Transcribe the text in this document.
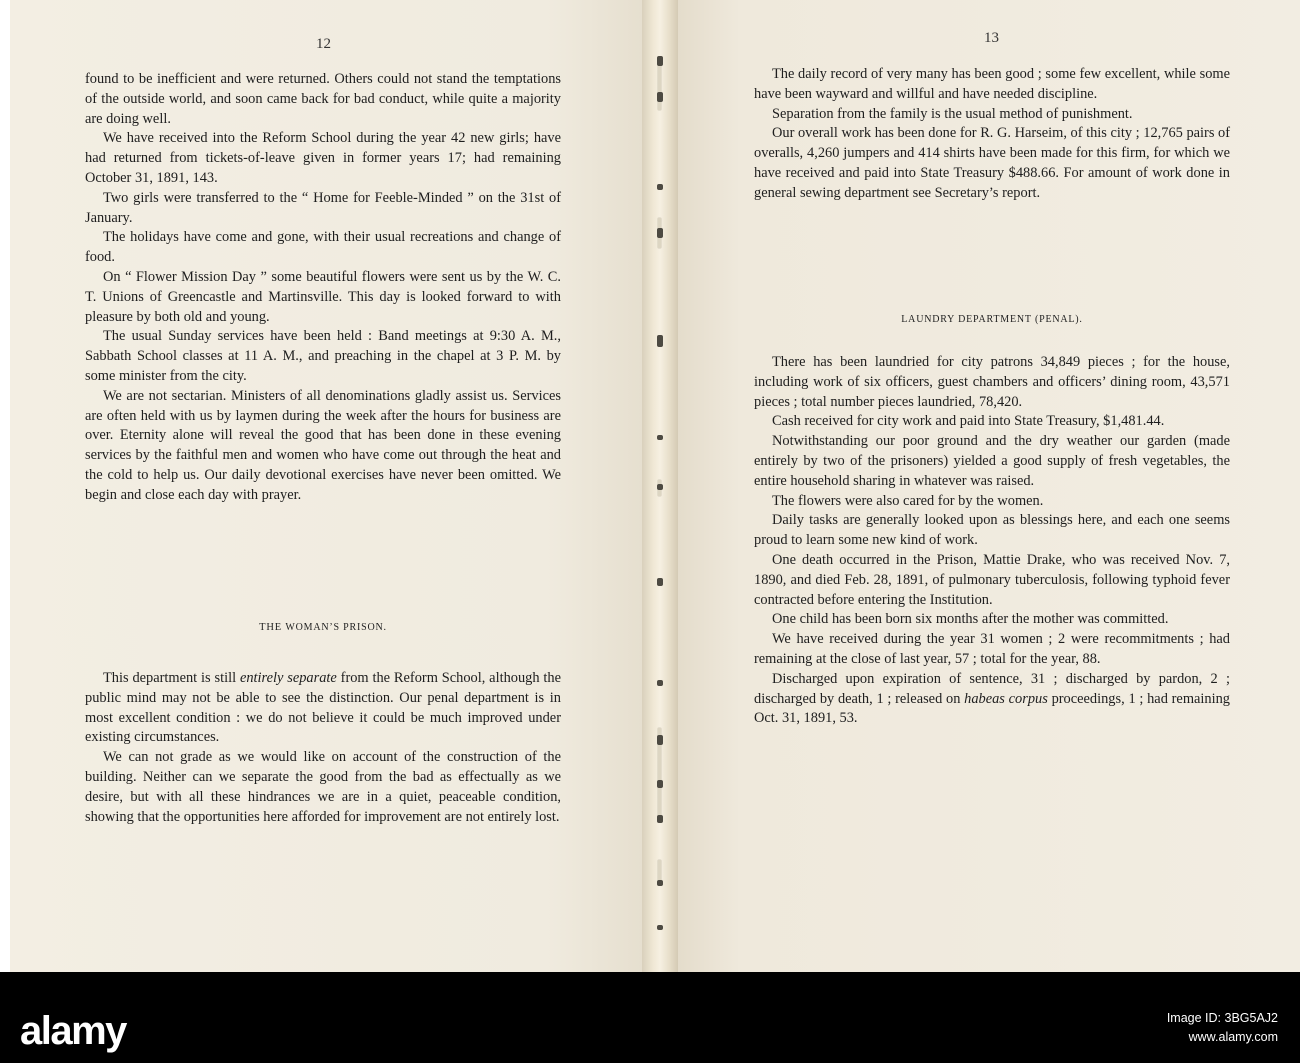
12

found to be inefficient and were returned. Others could not stand the temptations of the outside world, and soon came back for bad conduct, while quite a majority are doing well.

We have received into the Reform School during the year 42 new girls; have had returned from tickets-of-leave given in former years 17; had remaining October 31, 1891, 143.

Two girls were transferred to the “ Home for Feeble-Minded ” on the 31st of January.

The holidays have come and gone, with their usual recreations and change of food.

On “ Flower Mission Day ” some beautiful flowers were sent us by the W. C. T. Unions of Greencastle and Martinsville. This day is looked forward to with pleasure by both old and young.

The usual Sunday services have been held : Band meetings at 9:30 A. M., Sabbath School classes at 11 A. M., and preaching in the chapel at 3 P. M. by some minister from the city.

We are not sectarian. Ministers of all denominations gladly assist us. Services are often held with us by laymen during the week after the hours for business are over. Eternity alone will reveal the good that has been done in these evening services by the faithful men and women who have come out through the heat and the cold to help us. Our daily devotional exercises have never been omitted. We begin and close each day with prayer.

THE WOMAN’S PRISON.

This department is still entirely separate from the Reform School, although the public mind may not be able to see the distinction. Our penal department is in most excellent condition : we do not believe it could be much improved under existing circumstances.

We can not grade as we would like on account of the construction of the building. Neither can we separate the good from the bad as effectually as we desire, but with all these hindrances we are in a quiet, peaceable condition, showing that the opportunities here afforded for improvement are not entirely lost.

13

The daily record of very many has been good ; some few excellent, while some have been wayward and willful and have needed discipline.

Separation from the family is the usual method of punishment.

Our overall work has been done for R. G. Harseim, of this city ; 12,765 pairs of overalls, 4,260 jumpers and 414 shirts have been made for this firm, for which we have received and paid into State Treasury $488.66. For amount of work done in general sewing department see Secretary’s report.

LAUNDRY DEPARTMENT (PENAL).

There has been laundried for city patrons 34,849 pieces ; for the house, including work of six officers, guest chambers and officers’ dining room, 43,571 pieces ; total number pieces laundried, 78,420.

Cash received for city work and paid into State Treasury, $1,481.44.

Notwithstanding our poor ground and the dry weather our garden (made entirely by two of the prisoners) yielded a good supply of fresh vegetables, the entire household sharing in whatever was raised.

The flowers were also cared for by the women.

Daily tasks are generally looked upon as blessings here, and each one seems proud to learn some new kind of work.

One death occurred in the Prison, Mattie Drake, who was received Nov. 7, 1890, and died Feb. 28, 1891, of pulmonary tuberculosis, following typhoid fever contracted before entering the Institution.

One child has been born six months after the mother was committed.

We have received during the year 31 women ; 2 were recommitments ; had remaining at the close of last year, 57 ; total for the year, 88.

Discharged upon expiration of sentence, 31 ; discharged by pardon, 2 ; discharged by death, 1 ; released on habeas corpus proceedings, 1 ; had remaining Oct. 31, 1891, 53.

alamy	Image ID: 3BG5AJ2
www.alamy.com
